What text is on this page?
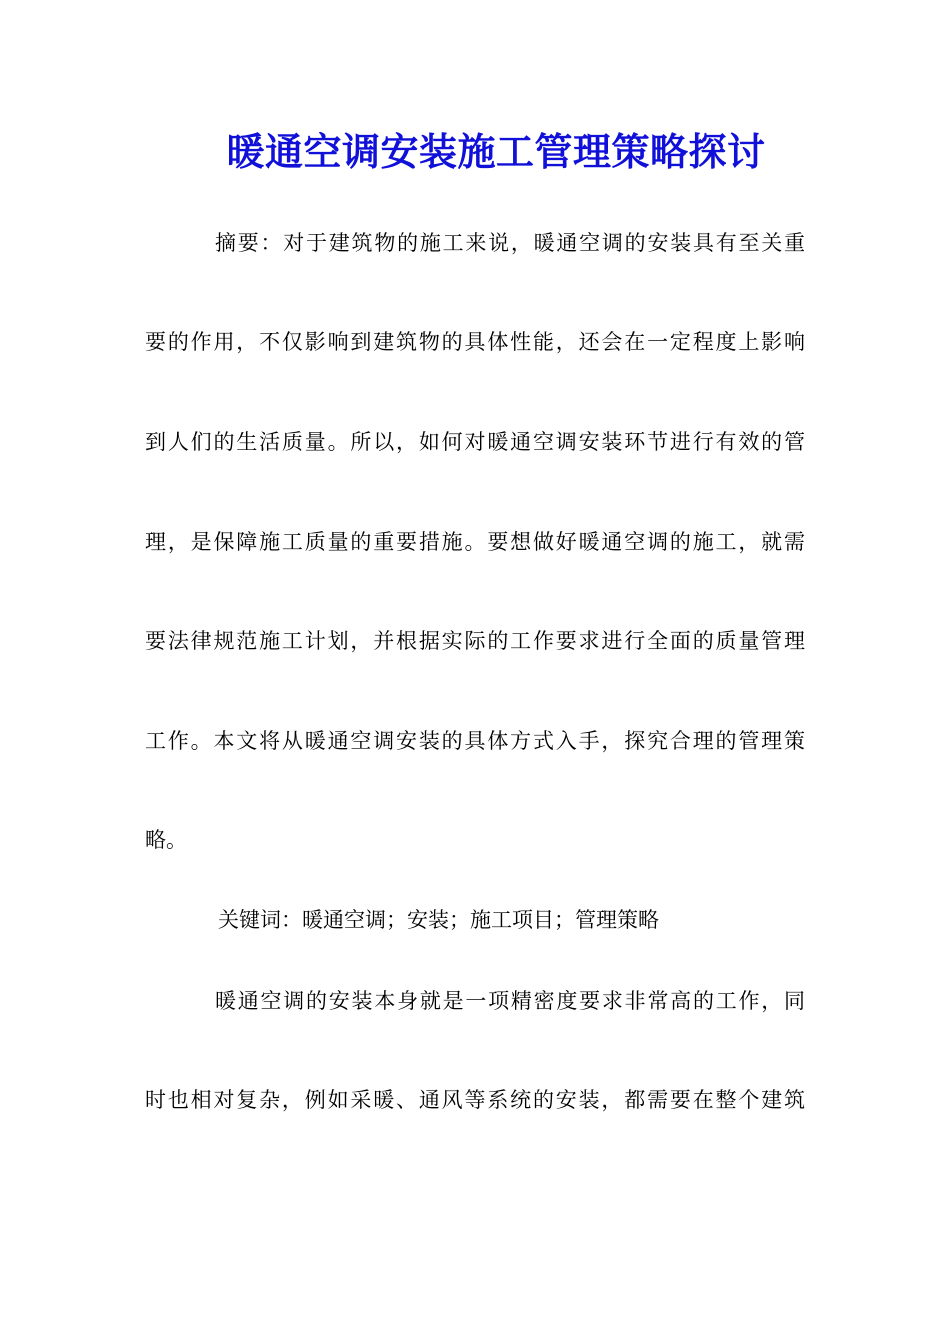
暖通空调安装施工管理策略探讨
摘要：对于建筑物的施工来说，暖通空调的安装具有至关重
要的作用，不仅影响到建筑物的具体性能，还会在一定程度上影响
到人们的生活质量。所以，如何对暖通空调安装环节进行有效的管
理，是保障施工质量的重要措施。要想做好暖通空调的施工，就需
要法律规范施工计划，并根据实际的工作要求进行全面的质量管理
工作。本文将从暖通空调安装的具体方式入手，探究合理的管理策
略。
关键词：暖通空调；安装；施工项目；管理策略
暖通空调的安装本身就是一项精密度要求非常高的工作，同
时也相对复杂，例如采暖、通风等系统的安装，都需要在整个建筑
